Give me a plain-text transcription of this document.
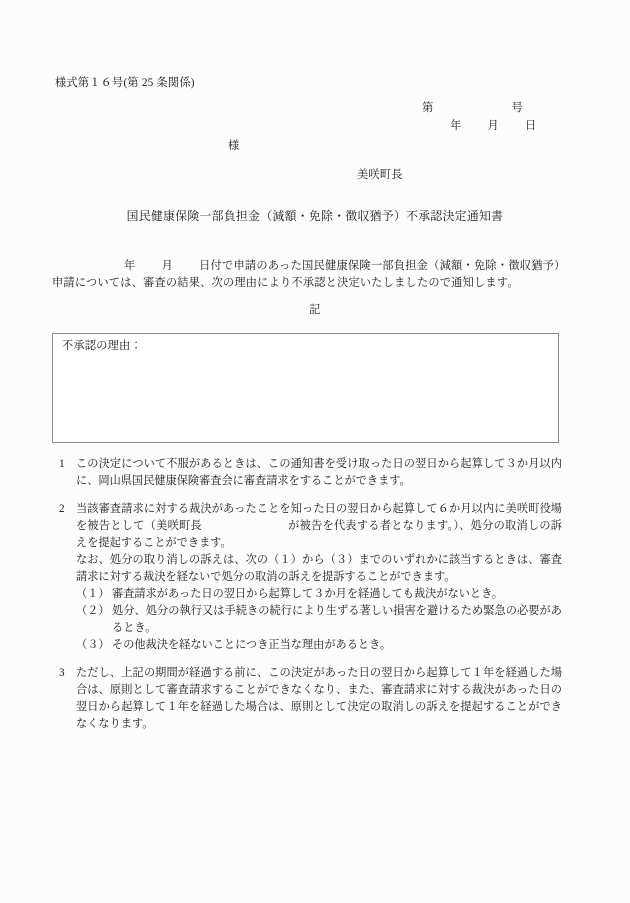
様式第１６号(第 25 条関係)

第	号

年 月 日

様
美咲町長
国民健康保険一部負担金（減額・免除・徴収猶予）不承認決定通知書
年 月 日付で申請のあった国民健康保険一部負担金（減額・免除・徴収猶予）申請については、審査の結果、次の理由により不承認と決定いたしましたので通知します。
記
不承認の理由：
1	この決定について不服があるときは、この通知書を受け取った日の翌日から起算して３か月以内に、岡山県国民健康保険審査会に審査請求をすることができます。

2	当該審査請求に対する裁決があったことを知った日の翌日から起算して６か月以内に美咲町役場を被告として（美咲町長	が被告を代表する者となります。）、処分の取消しの訴えを提起することができます。

なお、処分の取り消しの訴えは、次の（１）から（３）までのいずれかに該当するときは、審査請求に対する裁決を経ないで処分の取消の訴えを提訴することができます。

（１） 審査請求があった日の翌日から起算して３か月を経過しても裁決がないとき。
（２） 処分、処分の執行又は手続きの続行により生ずる著しい損害を避けるため緊急の必要があるとき。
（３） その他裁決を経ないことにつき正当な理由があるとき。
3	ただし、上記の期間が経過する前に、この決定があった日の翌日から起算して１年を経過した場合は、原則として審査請求することができなくなり、また、審査請求に対する裁決があった日の翌日から起算して１年を経過した場合は、原則として決定の取消しの訴えを提起することができなくなります。
